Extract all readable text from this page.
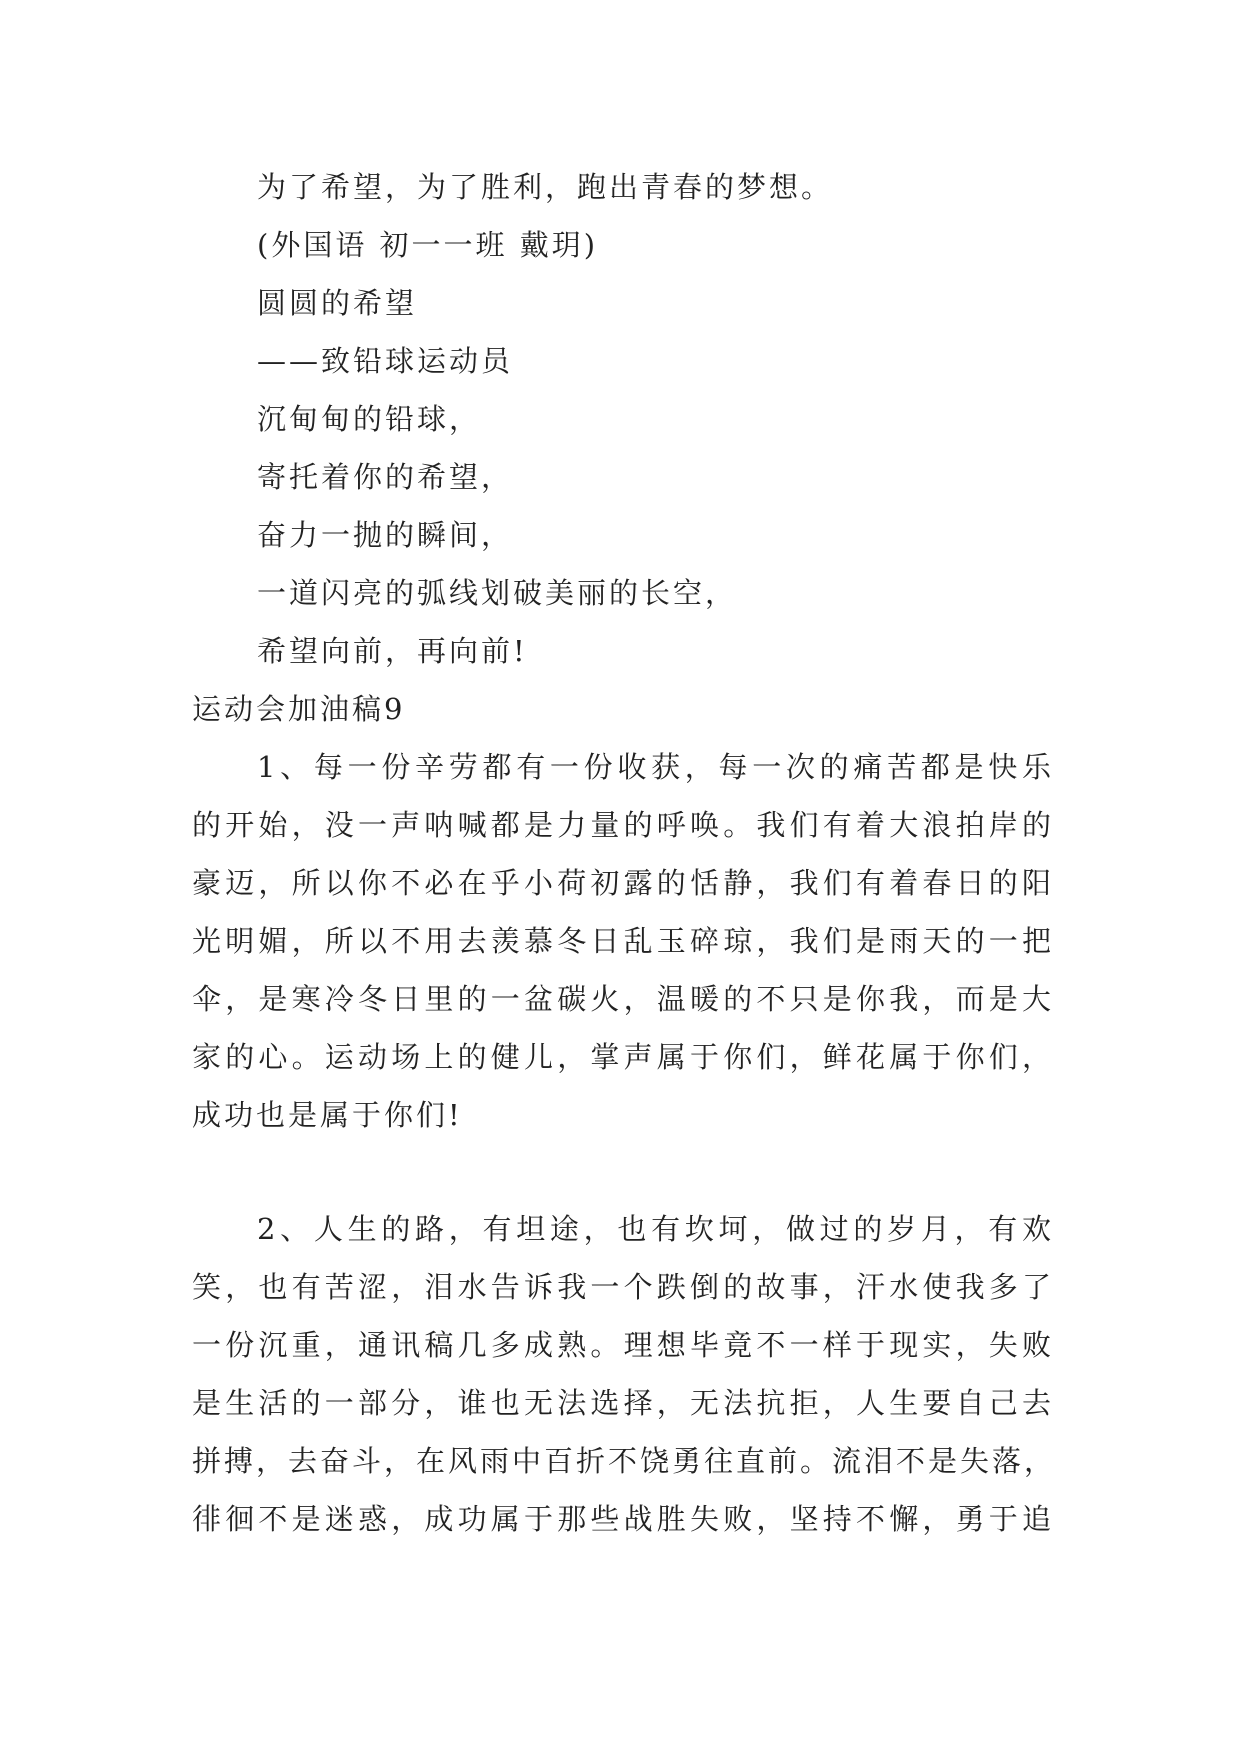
为了希望，为了胜利，跑出青春的梦想。
(外国语 初一一班 戴玥)
圆圆的希望
——致铅球运动员
沉甸甸的铅球，
寄托着你的希望，
奋力一抛的瞬间，
一道闪亮的弧线划破美丽的长空，
希望向前，再向前!
运动会加油稿9
1、每一份辛劳都有一份收获，每一次的痛苦都是快乐
的开始，没一声呐喊都是力量的呼唤。我们有着大浪拍岸的
豪迈，所以你不必在乎小荷初露的恬静，我们有着春日的阳
光明媚，所以不用去羡慕冬日乱玉碎琼，我们是雨天的一把
伞，是寒冷冬日里的一盆碳火，温暖的不只是你我，而是大
家的心。运动场上的健儿，掌声属于你们，鲜花属于你们，
成功也是属于你们!
2、人生的路，有坦途，也有坎坷，做过的岁月，有欢
笑，也有苦涩，泪水告诉我一个跌倒的故事，汗水使我多了
一份沉重，通讯稿几多成熟。理想毕竟不一样于现实，失败
是生活的一部分，谁也无法选择，无法抗拒，人生要自己去
拼搏，去奋斗，在风雨中百折不饶勇往直前。流泪不是失落，
徘徊不是迷惑，成功属于那些战胜失败，坚持不懈，勇于追
